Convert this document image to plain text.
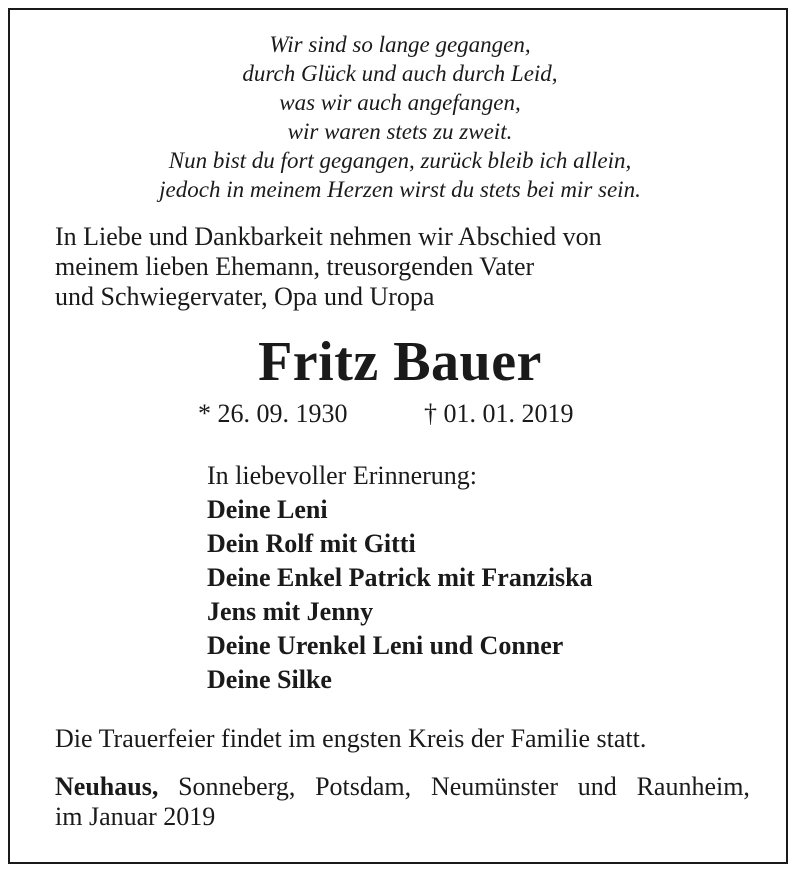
Wir sind so lange gegangen,
durch Glück und auch durch Leid,
was wir auch angefangen,
wir waren stets zu zweit.
Nun bist du fort gegangen, zurück bleib ich allein,
jedoch in meinem Herzen wirst du stets bei mir sein.
In Liebe und Dankbarkeit nehmen wir Abschied von
meinem lieben Ehemann, treusorgenden Vater
und Schwiegervater, Opa und Uropa
Fritz Bauer
* 26. 09. 1930	† 01. 01. 2019
In liebevoller Erinnerung:
Deine Leni
Dein Rolf mit Gitti
Deine Enkel Patrick mit Franziska
Jens mit Jenny
Deine Urenkel Leni und Conner
Deine Silke
Die Trauerfeier findet im engsten Kreis der Familie statt.
Neuhaus, Sonneberg, Potsdam, Neumünster und Raunheim,
im Januar 2019
